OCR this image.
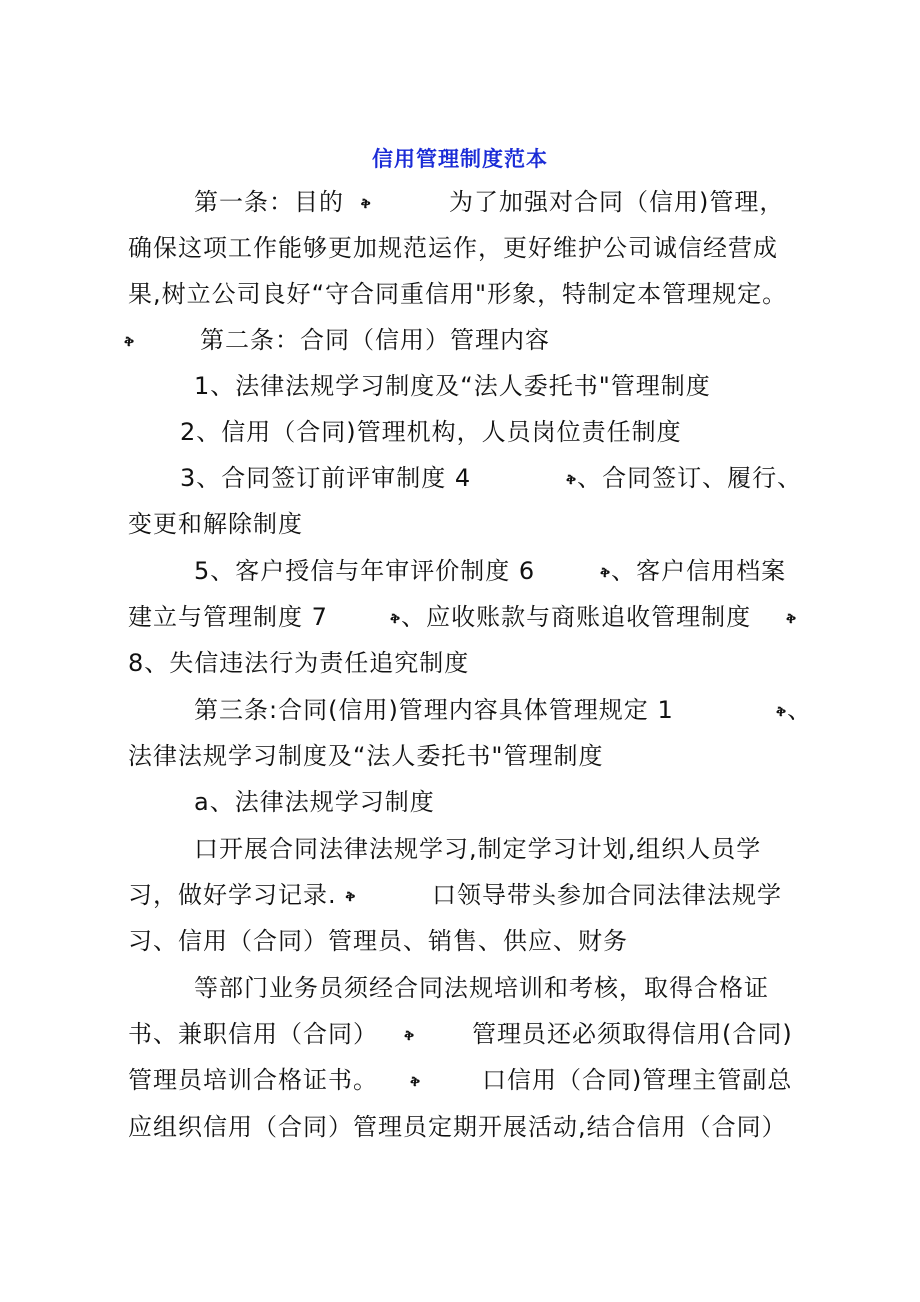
信用管理制度范本
第一条：目的 ቅ	为了加强对合同（信用)管理，
确保这项工作能够更加规范运作，更好维护公司诚信经营成
果,树立公司良好“守合同重信用"形象，特制定本管理规定。
ቅ	第二条：合同（信用）管理内容
1、法律法规学习制度及“法人委托书"管理制度
2、信用（合同)管理机构，人员岗位责任制度
3、合同签订前评审制度 4	ቅ、合同签订、履行、
变更和解除制度
5、客户授信与年审评价制度 6	ቅ、客户信用档案
建立与管理制度 7	ቅ、应收账款与商账追收管理制度 ቅ
8、失信违法行为责任追究制度
第三条:合同(信用)管理内容具体管理规定 1	ቅ、
法律法规学习制度及“法人委托书"管理制度
a、法律法规学习制度
口开展合同法律法规学习,制定学习计划,组织人员学
习，做好学习记录. ቅ	口领导带头参加合同法律法规学
习、信用（合同）管理员、销售、供应、财务
等部门业务员须经合同法规培训和考核，取得合格证
书、兼职信用（合同） ቅ 管理员还必须取得信用(合同)
管理员培训合格证书。 ቅ	口信用（合同)管理主管副总
应组织信用（合同）管理员定期开展活动,结合信用（合同）
